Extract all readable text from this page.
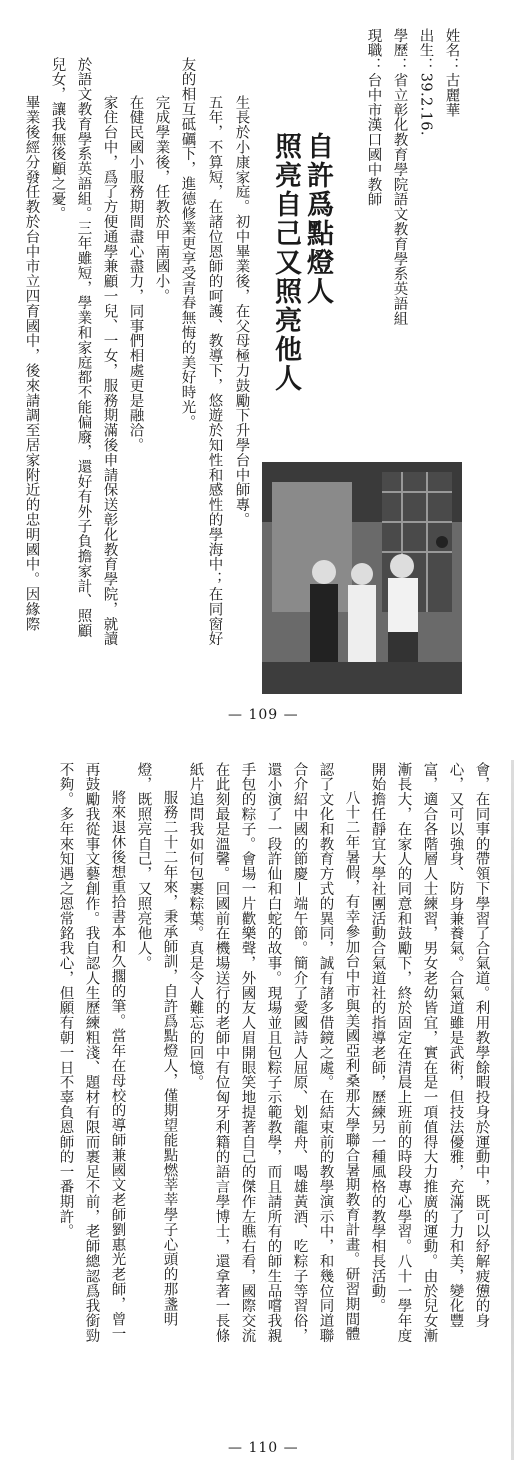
姓名：古麗華
出生：39.2.16.
學歷：省立彰化教育學院語文教育學系英語組
現職：台中市漢口國中教師
自許爲點燈人
照亮自己又照亮他人
生長於小康家庭。初中畢業後，在父母極力鼓勵下升學台中師專。
五年，不算短，在諸位恩師的呵護、教導下，悠遊於知性和感性的學海中；在同窗好
友的相互砥礪下，進德修業更享受青春無悔的美好時光。
完成學業後，任教於甲南國小。
在健民國小服務期間盡心盡力，同事們相處更是融洽。
家住台中，爲了方便通學兼顧一兒、一女，服務期滿後申請保送彰化教育學院，就讀
於語文教育學系英語組。三年雖短，學業和家庭都不能偏廢，還好有外子負擔家計、照顧
兒女，讓我無後顧之憂。
畢業後經分發任教於台中市立四育國中，後來請調至居家附近的忠明國中。因緣際
— 109 —
會，在同事的帶領下學習了合氣道。利用教學餘暇投身於運動中，既可以紓解疲憊的身
心，又可以強身、防身兼養氣。合氣道雖是武術，但技法優雅，充滿了力和美，變化豐
富，適合各階層人士練習，男女老幼皆宜，實在是一項值得大力推廣的運動。由於兒女漸
漸長大，在家人的同意和鼓勵下，終於固定在清晨上班前的時段專心學習。八十一學年度
開始擔任靜宜大學社團活動合氣道社的指導老師，歷練另一種風格的教學相長活動。
八十二年暑假，有幸參加台中市與美國亞利桑那大學聯合暑期教育計畫。研習期間體
認了文化和教育方式的異同，誠有諸多借鏡之處。在結束前的教學演示中，和幾位同道聯
合介紹中國的節慶—端午節。簡介了愛國詩人屈原、划龍舟、喝雄黃酒、吃粽子等習俗，
還小演了一段許仙和白蛇的故事。現場並且包粽子示範教學，而且請所有的師生品嚐我親
手包的粽子。會場一片歡樂聲，外國友人眉開眼笑地提著自己的傑作左瞧右看，國際交流
在此刻最是溫馨。回國前在機場送行的老師中有位匈牙利籍的語言學博士，還拿著一長條
紙片追問我如何包裹粽葉。真是令人難忘的回憶。
服務二十二年來，秉承師訓，自許爲點燈人，僅期望能點燃莘莘學子心頭的那盞明
燈，既照亮自己，又照亮他人。
將來退休後想重拾書本和久擱的筆。當年在母校的導師兼國文老師劉惠光老師，曾一
再鼓勵我從事文藝創作。我自認人生歷練粗淺、題材有限而裹足不前，老師總認爲我銜勁
不夠。多年來知遇之恩常銘我心，但願有朝一日不辜負恩師的一番期許。
— 110 —
